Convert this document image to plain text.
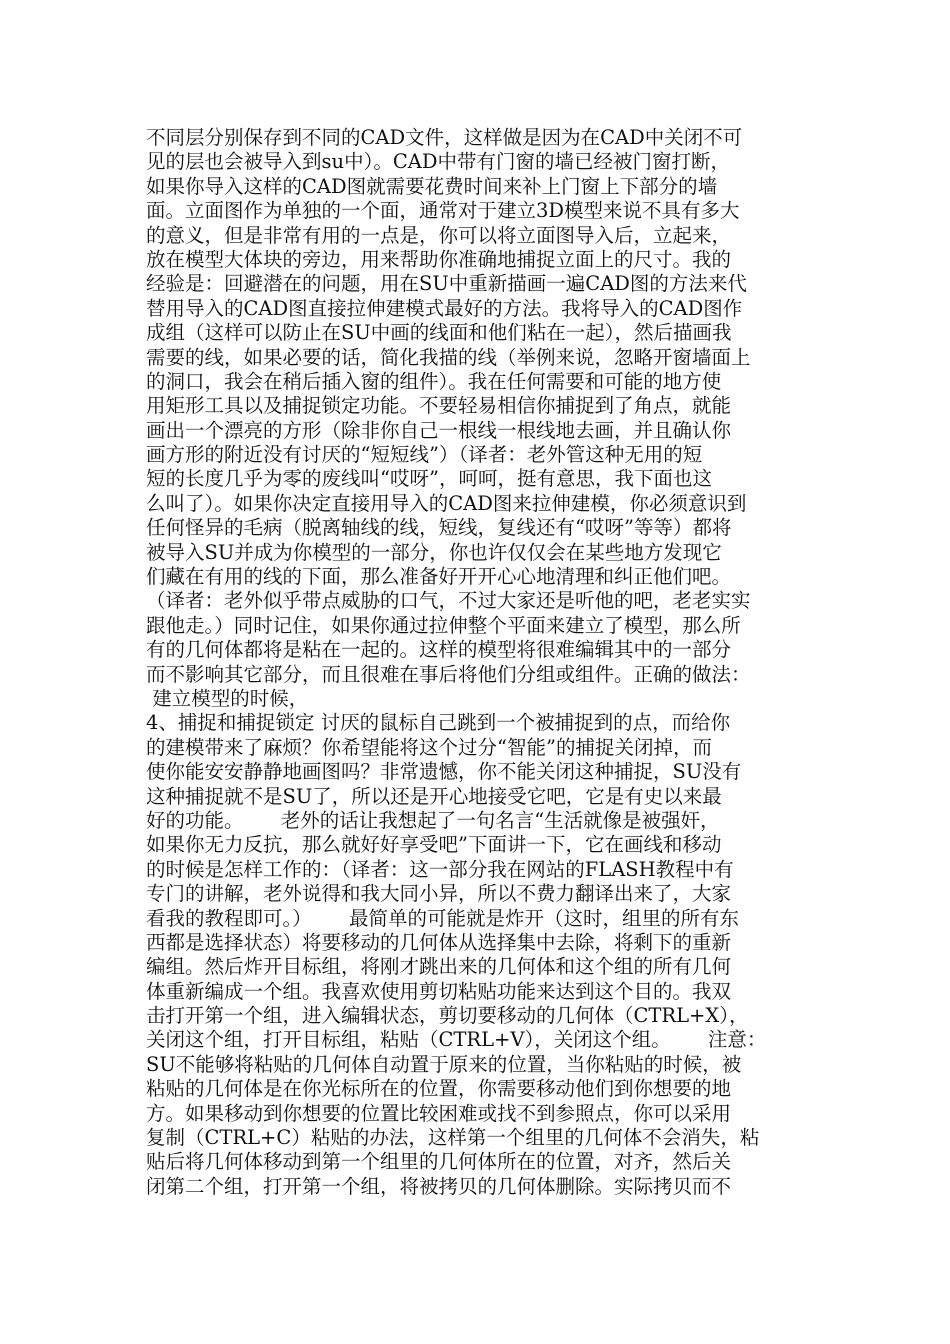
不同层分别保存到不同的CAD文件，这样做是因为在CAD中关闭不可
见的层也会被导入到su中）。CAD中带有门窗的墙已经被门窗打断，
如果你导入这样的CAD图就需要花费时间来补上门窗上下部分的墙
面。立面图作为单独的一个面，通常对于建立3D模型来说不具有多大
的意义，但是非常有用的一点是，你可以将立面图导入后，立起来，
放在模型大体块的旁边，用来帮助你准确地捕捉立面上的尺寸。我的
经验是：回避潜在的问题，用在SU中重新描画一遍CAD图的方法来代
替用导入的CAD图直接拉伸建模式最好的方法。我将导入的CAD图作
成组（这样可以防止在SU中画的线面和他们粘在一起），然后描画我
需要的线，如果必要的话，简化我描的线（举例来说，忽略开窗墙面上
的洞口，我会在稍后插入窗的组件）。我在任何需要和可能的地方使
用矩形工具以及捕捉锁定功能。不要轻易相信你捕捉到了角点，就能
画出一个漂亮的方形（除非你自己一根线一根线地去画，并且确认你
画方形的附近没有讨厌的“短短线”）（译者：老外管这种无用的短
短的长度几乎为零的废线叫“哎呀”，呵呵，挺有意思，我下面也这
么叫了）。如果你决定直接用导入的CAD图来拉伸建模，你必须意识到
任何怪异的毛病（脱离轴线的线，短线，复线还有“哎呀”等等）都将
被导入SU并成为你模型的一部分，你也许仅仅会在某些地方发现它
们藏在有用的线的下面，那么准备好开开心心地清理和纠正他们吧。
（译者：老外似乎带点威胁的口气，不过大家还是听他的吧，老老实实
跟他走。）同时记住，如果你通过拉伸整个平面来建立了模型，那么所
有的几何体都将是粘在一起的。这样的模型将很难编辑其中的一部分
而不影响其它部分，而且很难在事后将他们分组或组件。正确的做法：
建立模型的时候，
4、捕捉和捕捉锁定 讨厌的鼠标自己跳到一个被捕捉到的点，而给你
的建模带来了麻烦？你希望能将这个过分“智能”的捕捉关闭掉，而
使你能安安静静地画图吗？非常遗憾，你不能关闭这种捕捉，SU没有
这种捕捉就不是SU了，所以还是开心地接受它吧，它是有史以来最
好的功能。      老外的话让我想起了一句名言“生活就像是被强奸，
如果你无力反抗，那么就好好享受吧”下面讲一下，它在画线和移动
的时候是怎样工作的：（译者：这一部分我在网站的FLASH教程中有
专门的讲解，老外说得和我大同小异，所以不费力翻译出来了，大家
看我的教程即可。）      最简单的可能就是炸开（这时，组里的所有东
西都是选择状态）将要移动的几何体从选择集中去除，将剩下的重新
编组。然后炸开目标组，将刚才跳出来的几何体和这个组的所有几何
体重新编成一个组。我喜欢使用剪切粘贴功能来达到这个目的。我双
击打开第一个组，进入编辑状态，剪切要移动的几何体（CTRL+X），
关闭这个组，打开目标组，粘贴（CTRL+V），关闭这个组。      注意：
SU不能够将粘贴的几何体自动置于原来的位置，当你粘贴的时候，被
粘贴的几何体是在你光标所在的位置，你需要移动他们到你想要的地
方。如果移动到你想要的位置比较困难或找不到参照点，你可以采用
复制（CTRL+C）粘贴的办法，这样第一个组里的几何体不会消失，粘
贴后将几何体移动到第一个组里的几何体所在的位置，对齐，然后关
闭第二个组，打开第一个组，将被拷贝的几何体删除。实际拷贝而不
